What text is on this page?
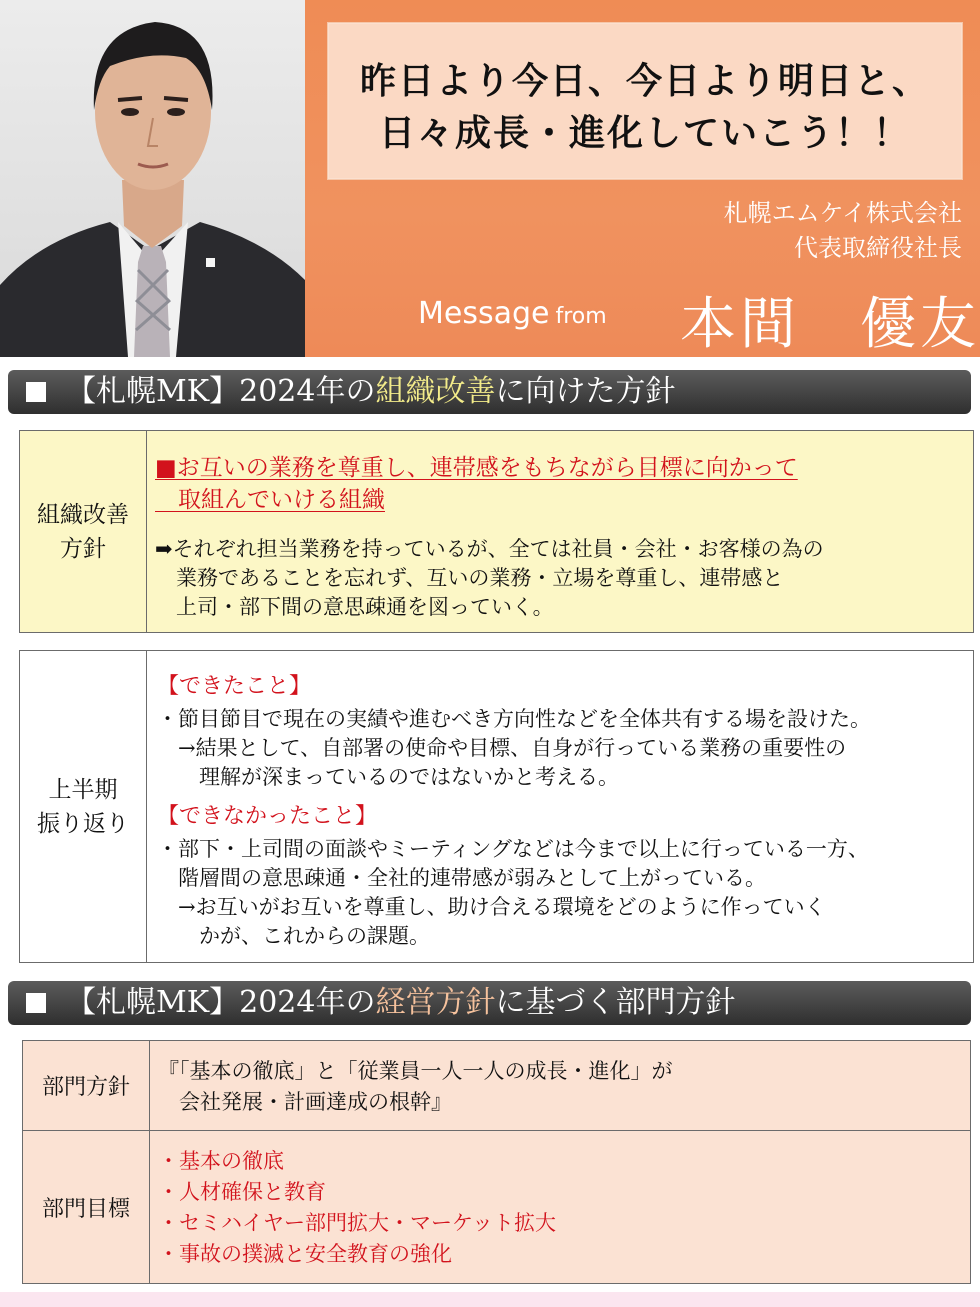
昨日より今日、今日より明日と、
日々成長・進化していこう！！
札幌エムケイ株式会社
代表取締役社長
Message from 本間　優友
【札幌MK】2024年の組織改善に向けた方針
組織改善
方針
■お互いの業務を尊重し、連帯感をもちながら目標に向かって
　取組んでいける組織
➡それぞれ担当業務を持っているが、全ては社員・会社・お客様の為の
　業務であることを忘れず、互いの業務・立場を尊重し、連帯感と
　上司・部下間の意思疎通を図っていく。
上半期
振り返り
【できたこと】
・節目節目で現在の実績や進むべき方向性などを全体共有する場を設けた。
　→結果として、自部署の使命や目標、自身が行っている業務の重要性の
　　理解が深まっているのではないかと考える。
【できなかったこと】
・部下・上司間の面談やミーティングなどは今まで以上に行っている一方、
　階層間の意思疎通・全社的連帯感が弱みとして上がっている。
　→お互いがお互いを尊重し、助け合える環境をどのように作っていく
　　かが、これからの課題。
【札幌MK】2024年の経営方針に基づく部門方針
部門方針
『「基本の徹底」と「従業員一人一人の成長・進化」が
　会社発展・計画達成の根幹』
部門目標
・基本の徹底
・人材確保と教育
・セミハイヤー部門拡大・マーケット拡大
・事故の撲滅と安全教育の強化
